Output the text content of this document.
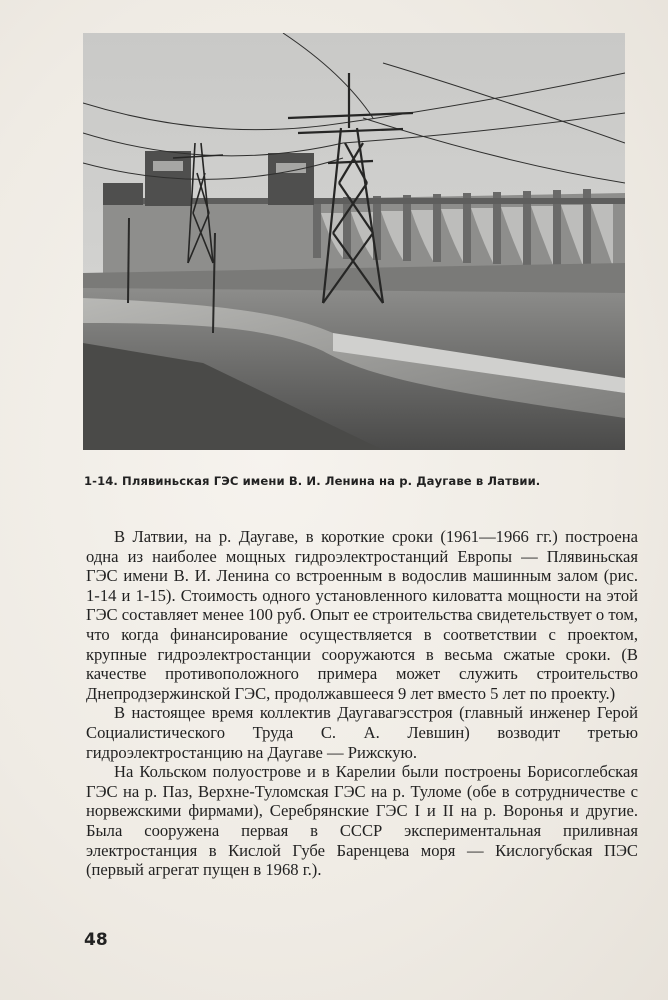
1-14. Плявиньская ГЭС имени В. И. Ленина на р. Даугаве в Латвии.

В Латвии, на р. Даугаве, в короткие сроки (1961—1966 гг.) построена одна из наиболее мощных гидроэлектростанций Европы — Плявиньская ГЭС имени В. И. Ленина со встроенным в водослив машинным залом (рис. 1-14 и 1-15). Стоимость одного установленного киловатта мощности на этой ГЭС составляет менее 100 руб. Опыт ее строительства свидетельствует о том, что когда финансирование осуществляется в соответствии с проектом, крупные гидроэлектростанции сооружаются в весьма сжатые сроки. (В качестве противоположного примера может служить строительство Днепродзержинской ГЭС, продолжавшееся 9 лет вместо 5 лет по проекту.)

В настоящее время коллектив Даугавагэсстроя (главный инженер Герой Социалистического Труда С. А. Левшин) возводит третью гидроэлектростанцию на Даугаве — Рижскую.

На Кольском полуострове и в Карелии были построены Борисоглебская ГЭС на р. Паз, Верхне-Туломская ГЭС на р. Туломе (обе в сотрудничестве с норвежскими фирмами), Серебрянские ГЭС I и II на р. Воронья и другие. Была сооружена первая в СССР экспериментальная приливная электростанция в Кислой Губе Баренцева моря — Кислогубская ПЭС (первый агрегат пущен в 1968 г.).

48
